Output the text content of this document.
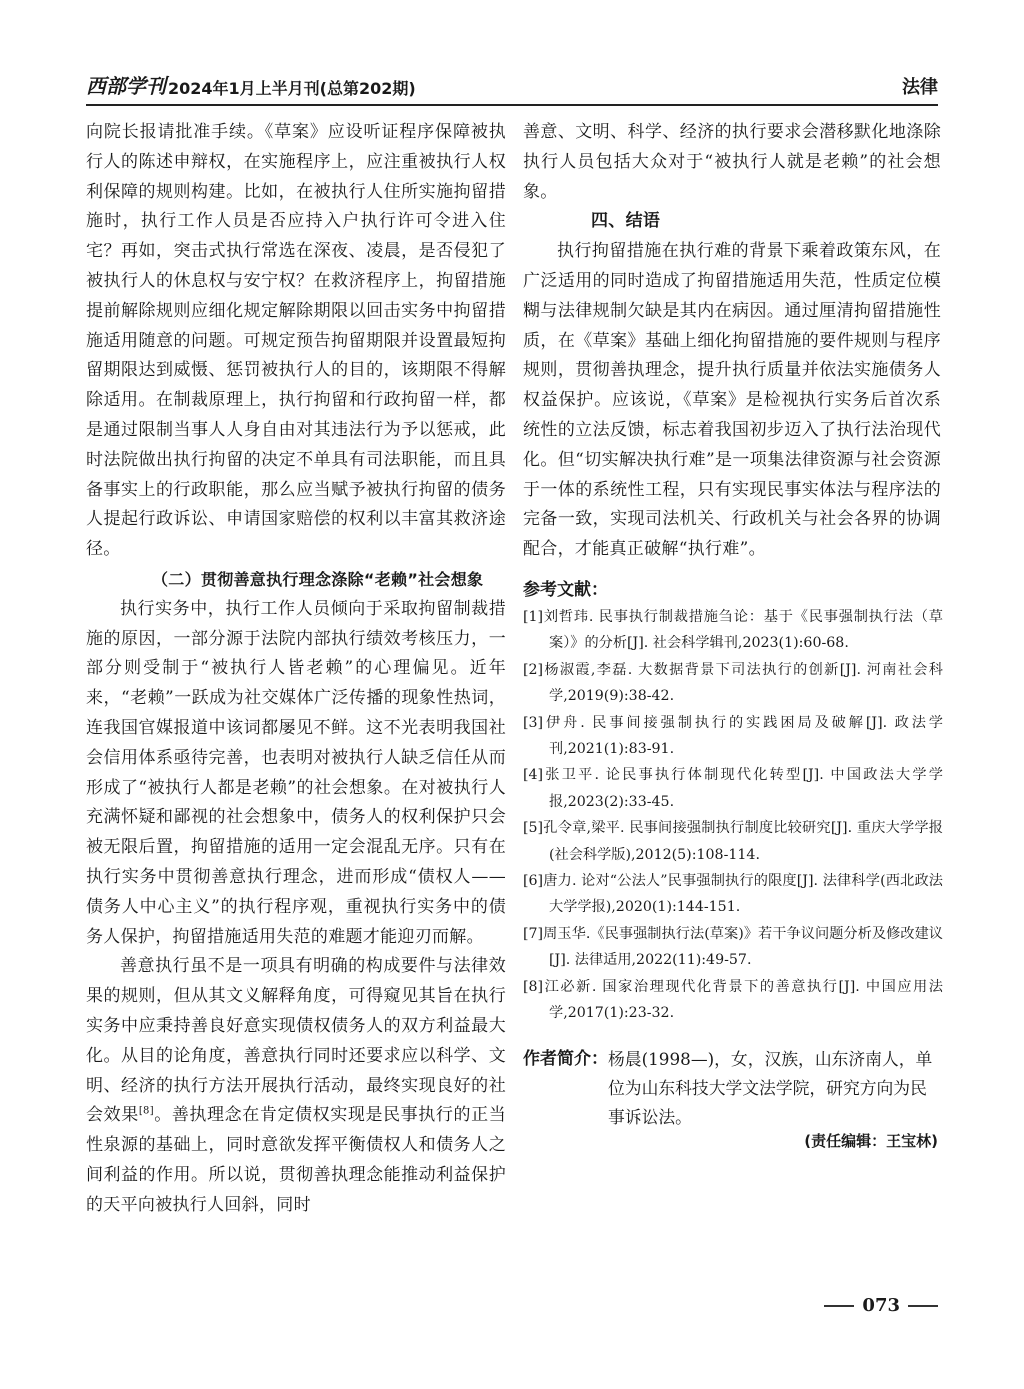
西部学刊 2024年1月上半月刊(总第202期)	法律

向院长报请批准手续。《草案》应设听证程序保障被执行人的陈述申辩权，在实施程序上，应注重被执行人权利保障的规则构建。比如，在被执行人住所实施拘留措施时，执行工作人员是否应持入户执行许可令进入住宅？再如，突击式执行常选在深夜、凌晨，是否侵犯了被执行人的休息权与安宁权？在救济程序上，拘留措施提前解除规则应细化规定解除期限以回击实务中拘留措施适用随意的问题。可规定预告拘留期限并设置最短拘留期限达到威慑、惩罚被执行人的目的，该期限不得解除适用。在制裁原理上，执行拘留和行政拘留一样，都是通过限制当事人人身自由对其违法行为予以惩戒，此时法院做出执行拘留的决定不单具有司法职能，而且具备事实上的行政职能，那么应当赋予被执行拘留的债务人提起行政诉讼、申请国家赔偿的权利以丰富其救济途径。

（二）贯彻善意执行理念涤除“老赖”社会想象

执行实务中，执行工作人员倾向于采取拘留制裁措施的原因，一部分源于法院内部执行绩效考核压力，一部分则受制于“被执行人皆老赖”的心理偏见。近年来，“老赖”一跃成为社交媒体广泛传播的现象性热词，连我国官媒报道中该词都屡见不鲜。这不光表明我国社会信用体系亟待完善，也表明对被执行人缺乏信任从而形成了“被执行人都是老赖”的社会想象。在对被执行人充满怀疑和鄙视的社会想象中，债务人的权利保护只会被无限后置，拘留措施的适用一定会混乱无序。只有在执行实务中贯彻善意执行理念，进而形成“债权人——债务人中心主义”的执行程序观，重视执行实务中的债务人保护，拘留措施适用失范的难题才能迎刃而解。

善意执行虽不是一项具有明确的构成要件与法律效果的规则，但从其文义解释角度，可得窥见其旨在执行实务中应秉持善良好意实现债权债务人的双方利益最大化。从目的论角度，善意执行同时还要求应以科学、文明、经济的执行方法开展执行活动，最终实现良好的社会效果[8]。善执理念在肯定债权实现是民事执行的正当性泉源的基础上，同时意欲发挥平衡债权人和债务人之间利益的作用。所以说，贯彻善执理念能推动利益保护的天平向被执行人回斜，同时

善意、文明、科学、经济的执行要求会潜移默化地涤除执行人员包括大众对于“被执行人就是老赖”的社会想象。

四、结语

执行拘留措施在执行难的背景下乘着政策东风，在广泛适用的同时造成了拘留措施适用失范，性质定位模糊与法律规制欠缺是其内在病因。通过厘清拘留措施性质，在《草案》基础上细化拘留措施的要件规则与程序规则，贯彻善执理念，提升执行质量并依法实施债务人权益保护。应该说，《草案》是检视执行实务后首次系统性的立法反馈，标志着我国初步迈入了执行法治现代化。但“切实解决执行难”是一项集法律资源与社会资源于一体的系统性工程，只有实现民事实体法与程序法的完备一致，实现司法机关、行政机关与社会各界的协调配合，才能真正破解“执行难”。

参考文献：

[1]刘哲玮. 民事执行制裁措施刍论：基于《民事强制执行法（草案）》的分析[J]. 社会科学辑刊,2023(1):60-68.

[2]杨淑霞,李磊. 大数据背景下司法执行的创新[J]. 河南社会科学,2019(9):38-42.

[3]伊舟. 民事间接强制执行的实践困局及破解[J]. 政法学刊,2021(1):83-91.

[4]张卫平. 论民事执行体制现代化转型[J]. 中国政法大学学报,2023(2):33-45.

[5]孔令章,梁平. 民事间接强制执行制度比较研究[J]. 重庆大学学报(社会科学版),2012(5):108-114.

[6]唐力. 论对“公法人”民事强制执行的限度[J]. 法律科学(西北政法大学学报),2020(1):144-151.

[7]周玉华.《民事强制执行法(草案)》若干争议问题分析及修改建议[J]. 法律适用,2022(11):49-57.

[8]江必新. 国家治理现代化背景下的善意执行[J]. 中国应用法学,2017(1):23-32.

作者简介： 杨晨(1998—)，女，汉族，山东济南人，单位为山东科技大学文法学院，研究方向为民事诉讼法。
(责任编辑：王宝林)
073
